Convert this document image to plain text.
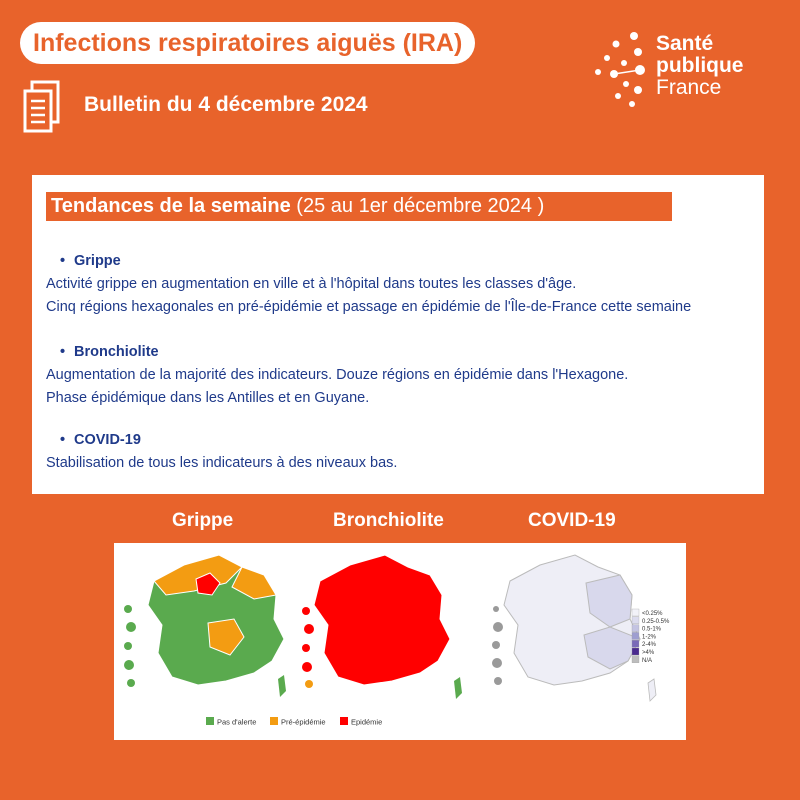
Infections respiratoires aiguës (IRA)
Bulletin du 4 décembre 2024
Santé
publique
France
Tendances de la semaine (25 au 1er décembre 2024 )
• Grippe
Activité grippe en augmentation en ville et à l'hôpital dans toutes les classes d'âge.
Cinq régions hexagonales en pré-épidémie et passage en épidémie de l'Île-de-France cette semaine
• Bronchiolite
Augmentation de la majorité des indicateurs. Douze régions en épidémie dans l'Hexagone.
Phase épidémique dans les Antilles et en Guyane.
• COVID-19
Stabilisation de tous les indicateurs à des niveaux bas.
Grippe	Bronchiolite	COVID-19
<0.25%
0.25-0.5%
0.5-1%
1-2%
2-4%
>4%
N/A
Pas d'alerte	Pré-épidémie	Epidémie
